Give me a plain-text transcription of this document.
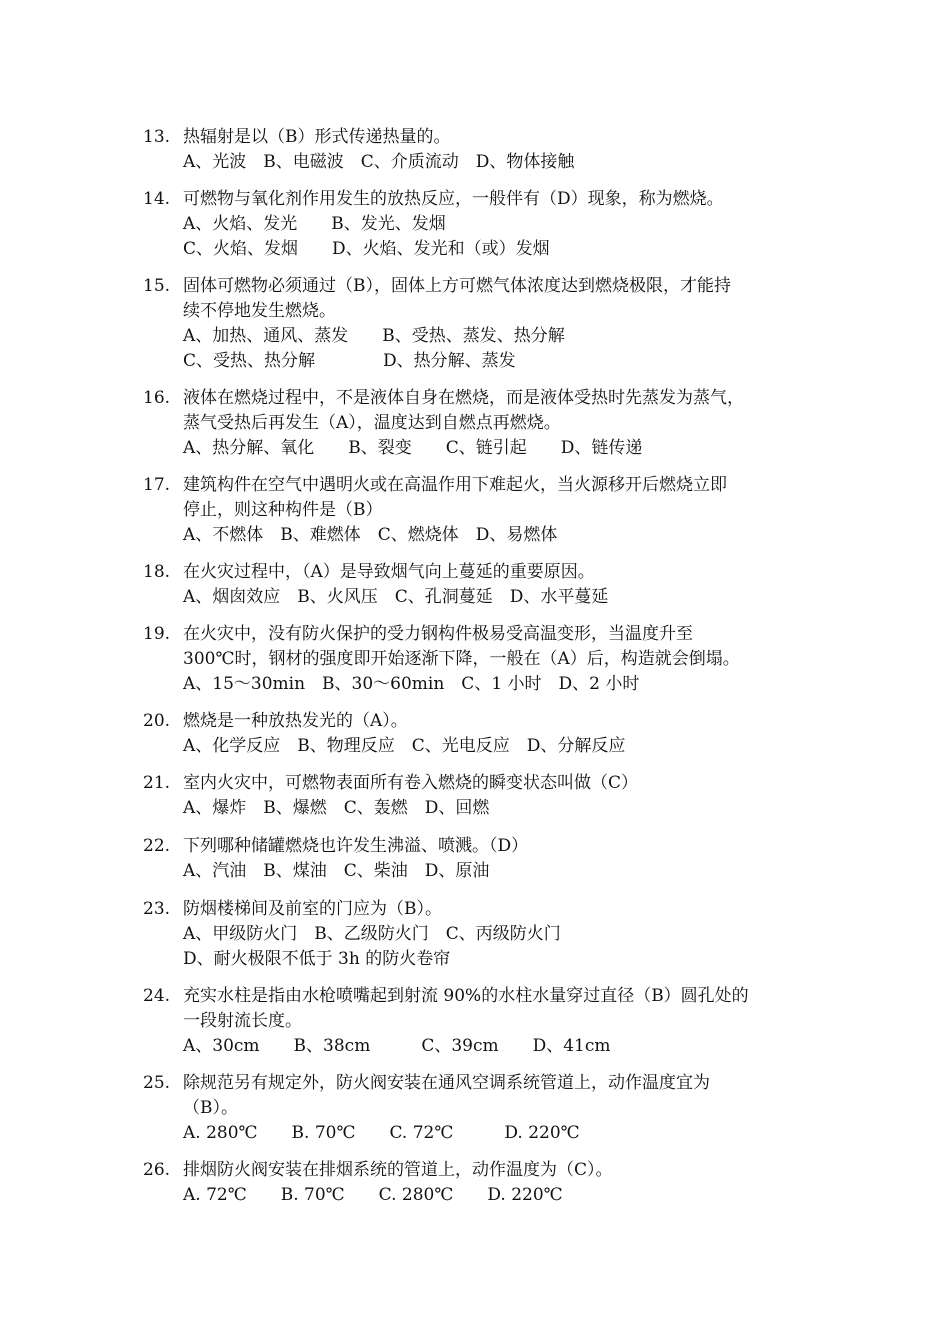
13. 热辐射是以（B）形式传递热量的。
A、光波　B、电磁波　C、介质流动　D、物体接触
14. 可燃物与氧化剂作用发生的放热反应，一般伴有（D）现象，称为燃烧。
A、火焰、发光　　B、发光、发烟
C、火焰、发烟　　D、火焰、发光和（或）发烟
15. 固体可燃物必须通过（B），固体上方可燃气体浓度达到燃烧极限，才能持
续不停地发生燃烧。
A、加热、通风、蒸发　　B、受热、蒸发、热分解
C、受热、热分解　　　　D、热分解、蒸发
16. 液体在燃烧过程中，不是液体自身在燃烧，而是液体受热时先蒸发为蒸气，
蒸气受热后再发生（A），温度达到自燃点再燃烧。
A、热分解、氧化　　B、裂变　　C、链引起　　D、链传递
17. 建筑构件在空气中遇明火或在高温作用下难起火，当火源移开后燃烧立即
停止，则这种构件是（B）
A、不燃体　B、难燃体　C、燃烧体　D、易燃体
18. 在火灾过程中，（A）是导致烟气向上蔓延的重要原因。
A、烟囱效应　B、火风压　C、孔洞蔓延　D、水平蔓延
19. 在火灾中，没有防火保护的受力钢构件极易受高温变形，当温度升至
300℃时，钢材的强度即开始逐渐下降，一般在（A）后，构造就会倒塌。
A、15～30min　B、30～60min　C、1 小时　D、2 小时
20. 燃烧是一种放热发光的（A）。
A、化学反应　B、物理反应　C、光电反应　D、分解反应
21. 室内火灾中，可燃物表面所有卷入燃烧的瞬变状态叫做（C）
A、爆炸　B、爆燃　C、轰燃　D、回燃
22. 下列哪种储罐燃烧也许发生沸溢、喷溅。（D）
A、汽油　B、煤油　C、柴油　D、原油
23. 防烟楼梯间及前室的门应为（B）。
A、甲级防火门　B、乙级防火门　C、丙级防火门
D、耐火极限不低于 3h 的防火卷帘
24. 充实水柱是指由水枪喷嘴起到射流 90%的水柱水量穿过直径（B）圆孔处的
一段射流长度。
A、30cm　　B、38cm　　　C、39cm　　D、41cm
25. 除规范另有规定外，防火阀安装在通风空调系统管道上，动作温度宜为
（B）。
A. 280℃　　B. 70℃　　C. 72℃　　　D. 220℃
26. 排烟防火阀安装在排烟系统的管道上，动作温度为（C）。
A. 72℃　　B. 70℃　　C. 280℃　　D. 220℃
